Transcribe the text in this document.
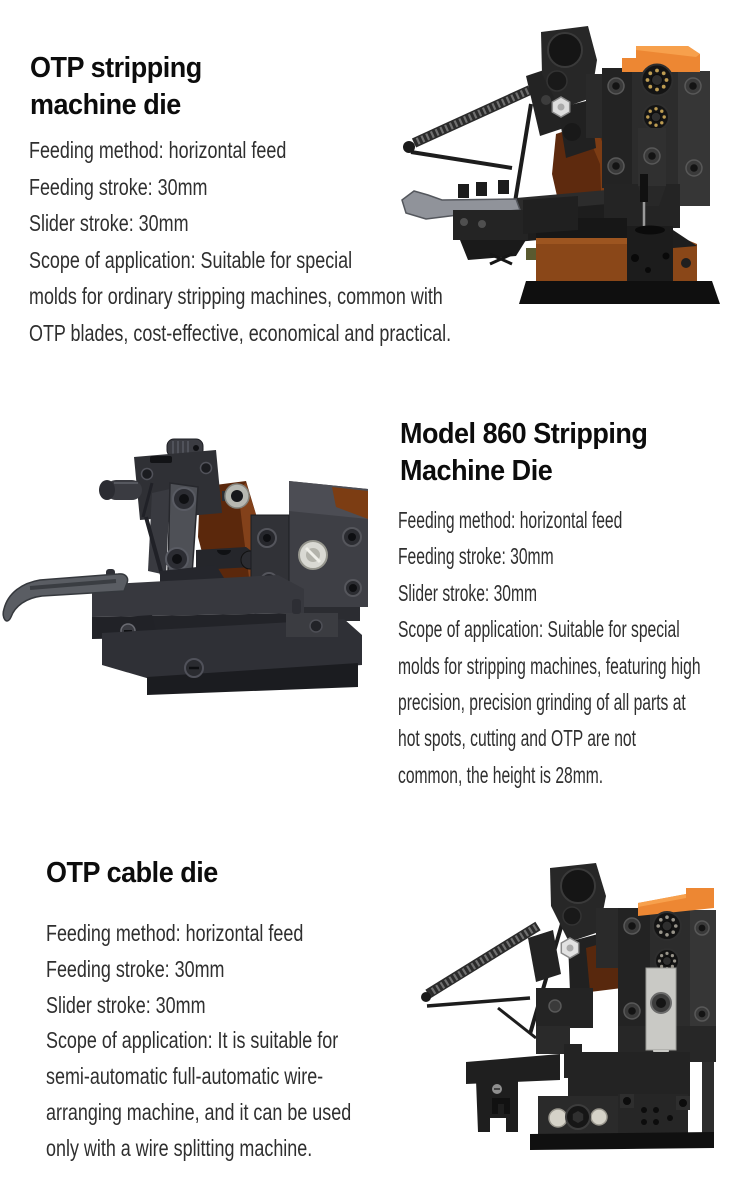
OTP stripping
machine die
Feeding method: horizontal feed
Feeding stroke: 30mm
Slider stroke: 30mm
Scope of application: Suitable for special
molds for ordinary stripping machines, common with
OTP blades, cost-effective, economical and practical.
Model 860 Stripping
Machine Die
Feeding method: horizontal feed
Feeding stroke: 30mm
Slider stroke: 30mm
Scope of application: Suitable for special
molds for stripping machines, featuring high
precision, precision grinding of all parts at
hot spots, cutting and OTP are not
common, the height is 28mm.
OTP cable die
Feeding method: horizontal feed
Feeding stroke: 30mm
Slider stroke: 30mm
Scope of application: It is suitable for
semi-automatic full-automatic wire-
arranging machine, and it can be used
only with a wire splitting machine.
